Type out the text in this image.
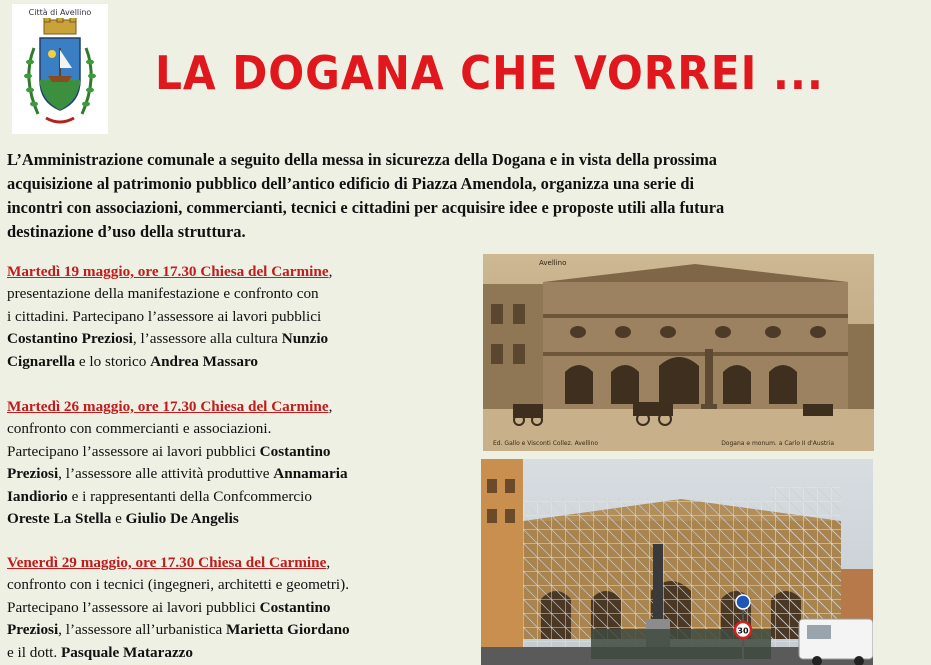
Città di Avellino
LA DOGANA CHE VORREI ...
L’Amministrazione comunale a seguito della messa in sicurezza della Dogana e in vista della prossima
acquisizione al patrimonio pubblico dell’antico edificio di Piazza Amendola, organizza una serie di
incontri con associazioni, commercianti, tecnici e cittadini per acquisire idee e proposte utili alla futura
destinazione d’uso della struttura.
Martedì 19 maggio, ore 17.30 Chiesa del Carmine,
presentazione della manifestazione e confronto con
i cittadini. Partecipano l’assessore ai lavori pubblici
Costantino Preziosi, l’assessore alla cultura Nunzio
Cignarella e lo storico Andrea Massaro
Martedì 26 maggio, ore 17.30 Chiesa del Carmine,
confronto con commercianti e associazioni.
Partecipano l’assessore ai lavori pubblici Costantino
Preziosi, l’assessore alle attività produttive Annamaria
Iandiorio e i rappresentanti della Confcommercio
Oreste La Stella e Giulio De Angelis
Venerdì 29 maggio, ore 17.30 Chiesa del Carmine,
confronto con i tecnici (ingegneri, architetti e geometri).
Partecipano l’assessore ai lavori pubblici Costantino
Preziosi, l’assessore all’urbanistica Marietta Giordano
e il dott. Pasquale Matarazzo
Avellino
Ed. Gallo e Visconti Collez. Avellino	Dogana e monum. a Carlo II d'Austria
30
